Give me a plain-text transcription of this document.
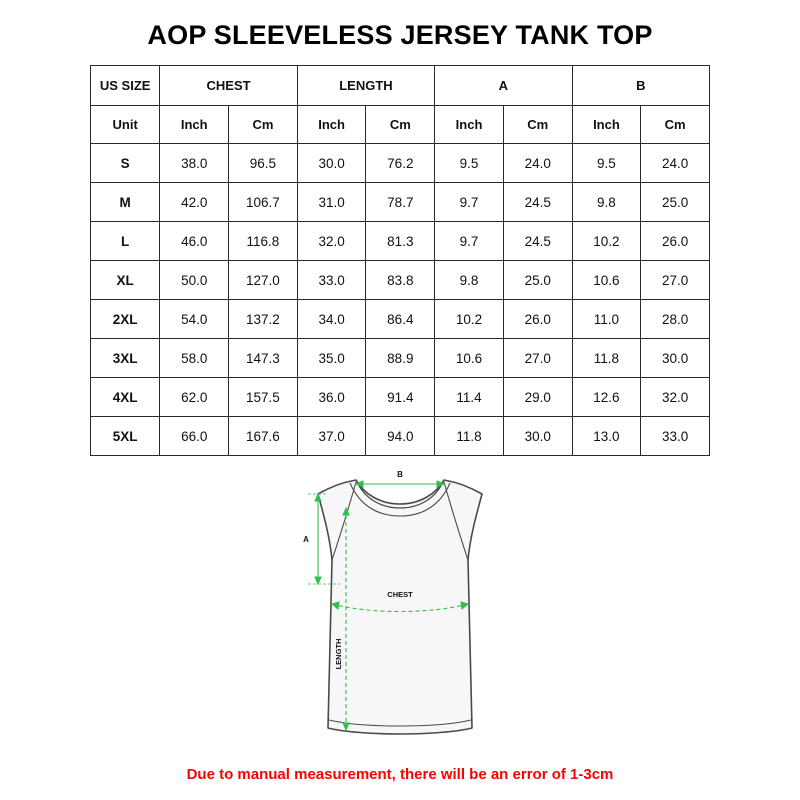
AOP SLEEVELESS JERSEY TANK TOP
US SIZE	CHEST		LENGTH		A		B	
Unit	Inch	Cm	Inch	Cm	Inch	Cm	Inch	Cm
S	38.0	96.5	30.0	76.2	9.5	24.0	9.5	24.0
M	42.0	106.7	31.0	78.7	9.7	24.5	9.8	25.0
L	46.0	116.8	32.0	81.3	9.7	24.5	10.2	26.0
XL	50.0	127.0	33.0	83.8	9.8	25.0	10.6	27.0
2XL	54.0	137.2	34.0	86.4	10.2	26.0	11.0	28.0
3XL	58.0	147.3	35.0	88.9	10.6	27.0	11.8	30.0
4XL	62.0	157.5	36.0	91.4	11.4	29.0	12.6	32.0
5XL	66.0	167.6	37.0	94.0	11.8	30.0	13.0	33.0
B
A
CHEST
LENGTH
Due to manual measurement, there will be an error of 1-3cm
